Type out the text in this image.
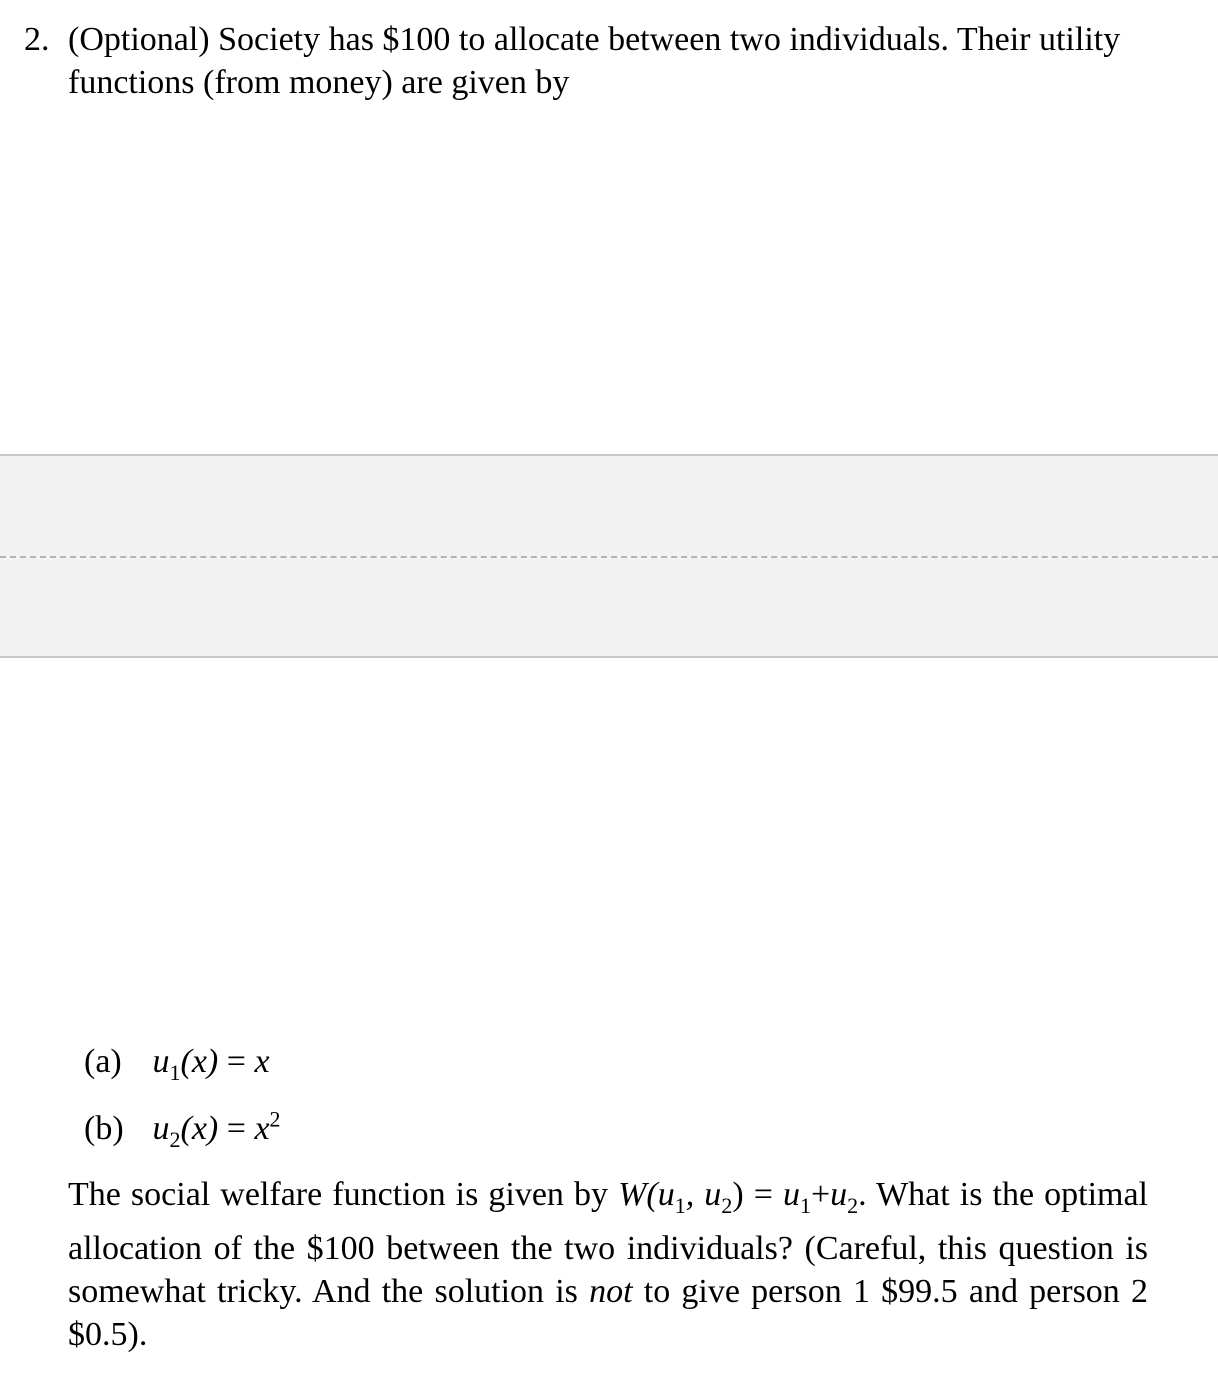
2. (Optional) Society has $100 to allocate between two individuals. Their utility functions (from money) are given by
(a) $u_1(x) = x$
(b) $u_2(x) = x^2$
The social welfare function is given by $W(u_1$, $u_2) = u_1+u_2$. What is the optimal allocation of the $100 between the two individuals? (Careful, this question is somewhat tricky. And the solution is not to give person 1 $99.5 and person 2 $0.5).
